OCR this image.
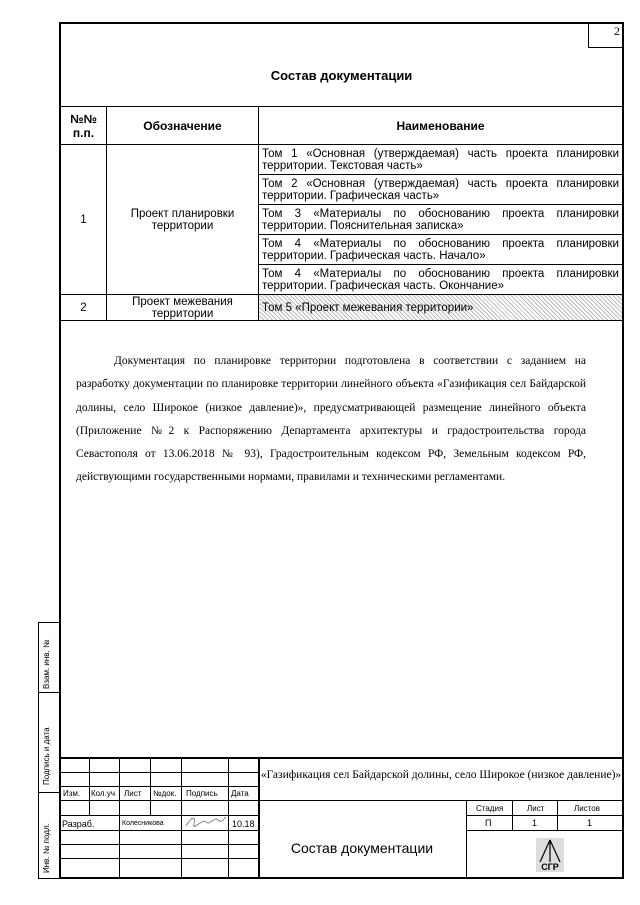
Взам. инв. №
Подпись и дата
Инв. № подл.
2
Состав документации
№№ п.п.	Обозначение	Наименование
1	Проект планировки территории	Том 1 «Основная (утверждаемая) часть проекта планировки территории. Текстовая часть»
		Том 2 «Основная (утверждаемая) часть проекта планировки территории. Графическая часть»
		Том 3 «Материалы по обоснованию проекта планировки территории. Пояснительная записка»
		Том 4 «Материалы по обоснованию проекта планировки территории. Графическая часть. Начало»
		Том 4 «Материалы по обоснованию проекта планировки территории. Графическая часть. Окончание»
2	Проект межевания территории	Том 5 «Проект межевания территории»

Документация по планировке территории подготовлена в соответствии с заданием на разработку документации по планировке территории линейного объекта «Газификация сел Байдарской долины, село Широкое (низкое давление)», предусматривающей размещение линейного объекта (Приложение №2 к Распоряжению Департамента архитектуры и градостроительства города Севастополя от 13.06.2018 № 93), Градостроительным кодексом РФ, Земельным кодексом РФ, действующими государственными нормами, правилами и техническими регламентами.

Изм. Кол.уч Лист №док. Подпись Дата
Разраб.	Колесникова	10.18
«Газификация сел Байдарской долины, село Широкое (низкое давление)»
Состав документации
Стадия	Лист	Листов
П	1	1
СГР
